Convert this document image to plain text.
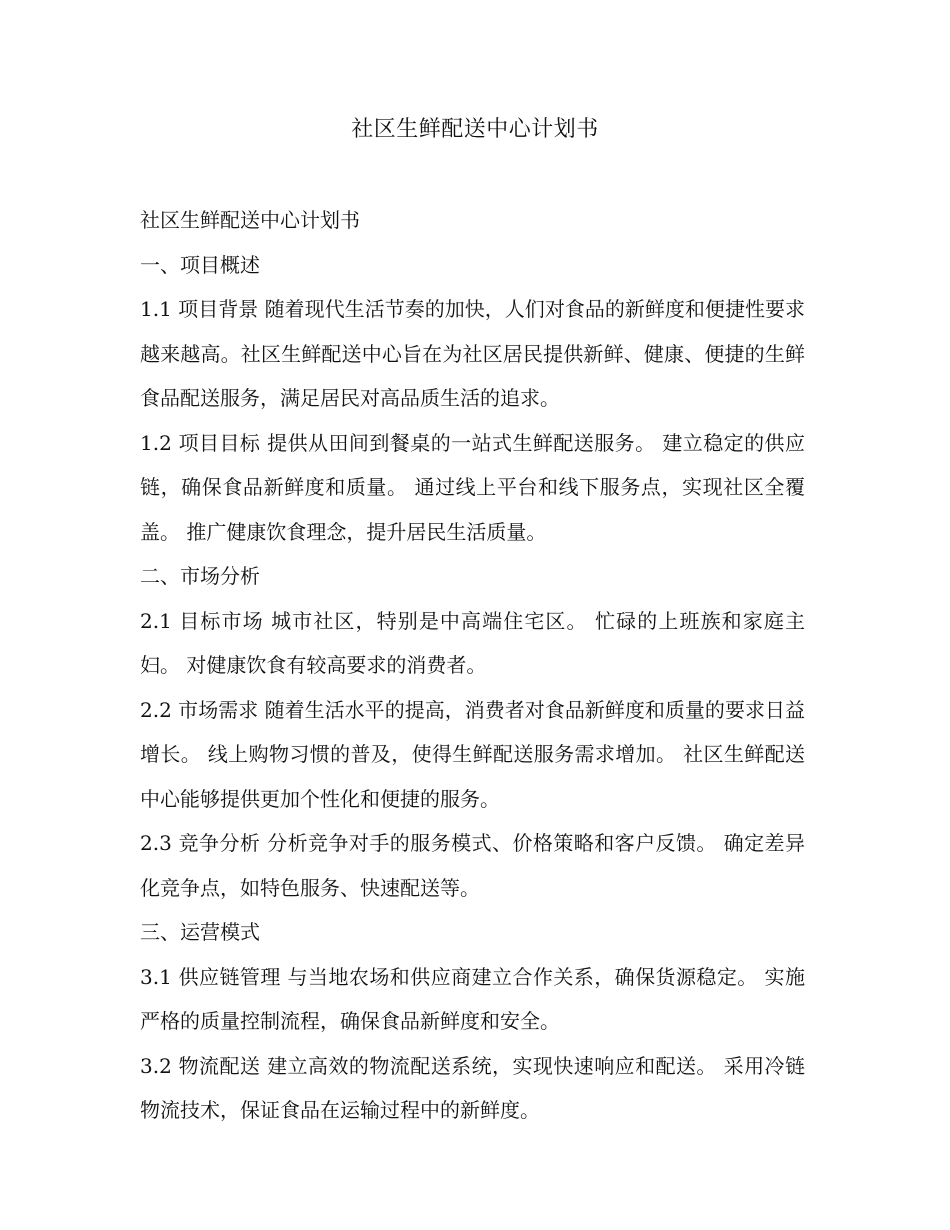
社区生鲜配送中心计划书

社区生鲜配送中心计划书

一、项目概述

1.1 项目背景 随着现代生活节奏的加快，人们对食品的新鲜度和便捷性要求越来越高。社区生鲜配送中心旨在为社区居民提供新鲜、健康、便捷的生鲜食品配送服务，满足居民对高品质生活的追求。

1.2 项目目标 提供从田间到餐桌的一站式生鲜配送服务。 建立稳定的供应链，确保食品新鲜度和质量。 通过线上平台和线下服务点，实现社区全覆盖。 推广健康饮食理念，提升居民生活质量。

二、市场分析

2.1 目标市场 城市社区，特别是中高端住宅区。 忙碌的上班族和家庭主妇。 对健康饮食有较高要求的消费者。

2.2 市场需求 随着生活水平的提高，消费者对食品新鲜度和质量的要求日益增长。 线上购物习惯的普及，使得生鲜配送服务需求增加。 社区生鲜配送中心能够提供更加个性化和便捷的服务。

2.3 竞争分析 分析竞争对手的服务模式、价格策略和客户反馈。 确定差异化竞争点，如特色服务、快速配送等。

三、运营模式

3.1 供应链管理 与当地农场和供应商建立合作关系，确保货源稳定。 实施严格的质量控制流程，确保食品新鲜度和安全。

3.2 物流配送 建立高效的物流配送系统，实现快速响应和配送。 采用冷链物流技术，保证食品在运输过程中的新鲜度。
